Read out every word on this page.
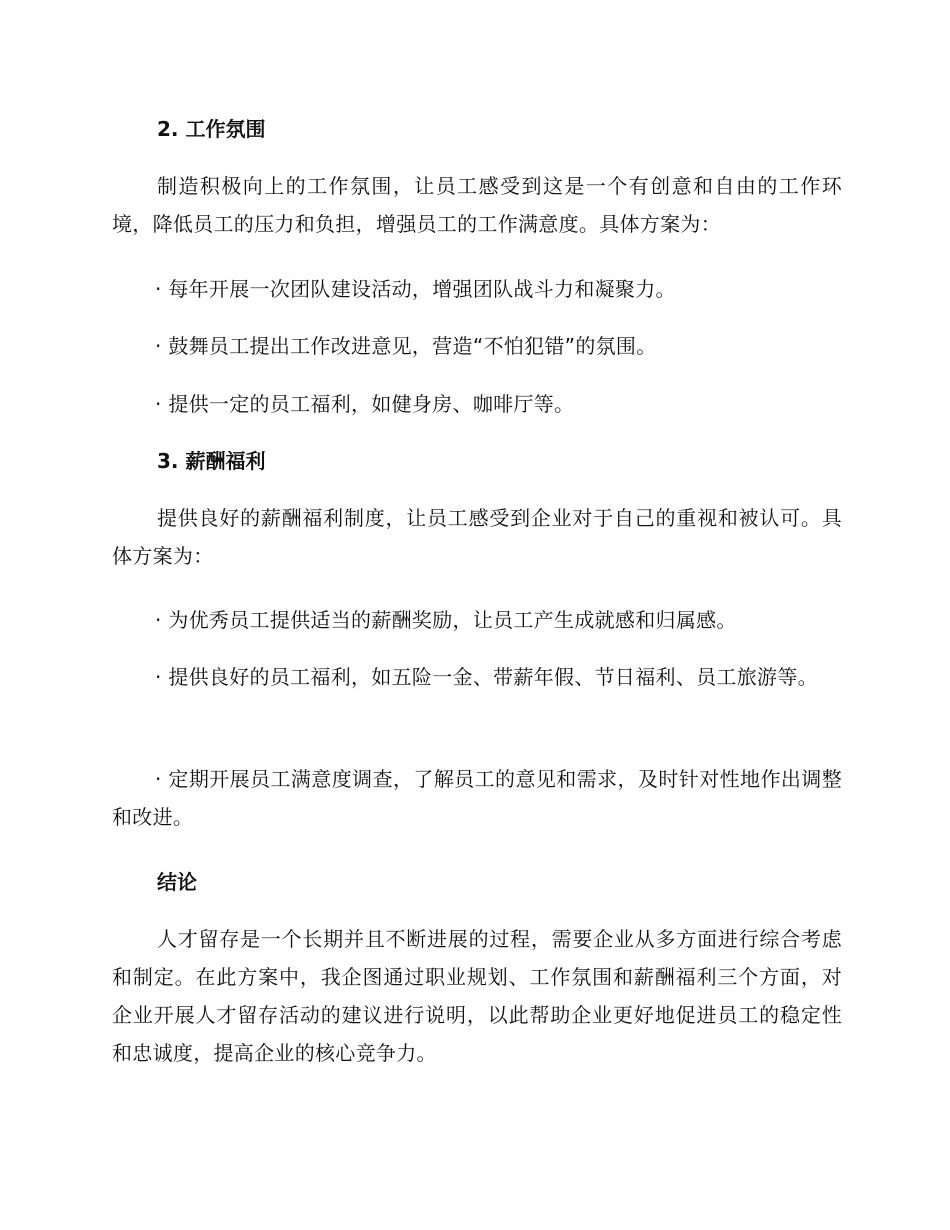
2. 工作氛围

制造积极向上的工作氛围，让员工感受到这是一个有创意和自由的工作环境，降低员工的压力和负担，增强员工的工作满意度。具体方案为：

· 每年开展一次团队建设活动，增强团队战斗力和凝聚力。

· 鼓舞员工提出工作改进意见，营造“不怕犯错”的氛围。

· 提供一定的员工福利，如健身房、咖啡厅等。

3. 薪酬福利

提供良好的薪酬福利制度，让员工感受到企业对于自己的重视和被认可。具体方案为：

· 为优秀员工提供适当的薪酬奖励，让员工产生成就感和归属感。

· 提供良好的员工福利，如五险一金、带薪年假、节日福利、员工旅游等。

· 定期开展员工满意度调查，了解员工的意见和需求，及时针对性地作出调整和改进。

结论

人才留存是一个长期并且不断进展的过程，需要企业从多方面进行综合考虑和制定。在此方案中，我企图通过职业规划、工作氛围和薪酬福利三个方面，对企业开展人才留存活动的建议进行说明，以此帮助企业更好地促进员工的稳定性和忠诚度，提高企业的核心竞争力。
